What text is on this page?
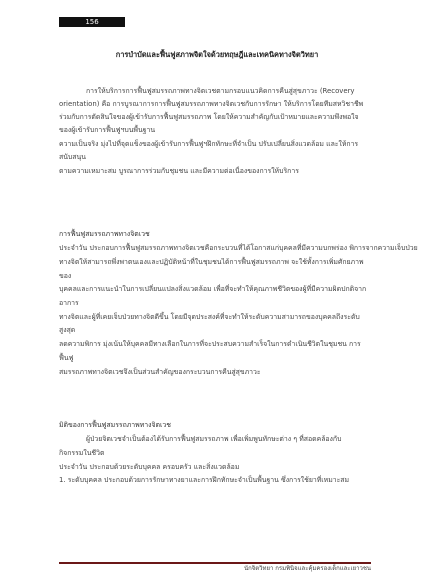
156
การบำบัดและฟื้นฟูสภาพจิตใจด้วยทฤษฎีและเทคนิคทางจิตวิทยา
การให้บริการการฟื้นฟูสมรรถภาพทางจิตเวชตามกรอบแนวคิดการคืนสู่สุขภาวะ (Recovery
orientation) คือ การบูรณาการการฟื้นฟูสมรรถภาพทางจิตเวชกับการรักษา ให้บริการโดยทีมสหวิชาชีพ
ร่วมกับการตัดสินใจของผู้เข้ารับการฟื้นฟูสมรรถภาพ โดยให้ความสำคัญกับเป้าหมายและความพึงพอใจ
ของผู้เข้ารับการฟื้นฟูฯบนพื้นฐาน
ความเป็นจริง มุ่งไปที่จุดแข็งของผู้เข้ารับการฟื้นฟูฯฝึกทักษะที่จำเป็น ปรับเปลี่ยนสิ่งแวดล้อม และให้การ
สนับสนุน
ตามความเหมาะสม บูรณาการร่วมกับชุมชน และมีความต่อเนื่องของการให้บริการ
การฟื้นฟูสมรรถภาพทางจิตเวช
ประจำวัน ประกอบการฟื้นฟูสมรรถภาพทางจิตเวชคือกระบวนที่ได้โอกาสแก่บุคคลที่มีความบกพร่อง พิการจากความเจ็บป่วย
ทางจิตให้สามารถพึ่งพาตนเองและปฏิบัติหน้าที่ในชุมชนได้การฟื้นฟูสมรรถภาพ จะใช้ทั้งการเพิ่มศักยภาพ
ของ
บุคคลและการแนะนำในการเปลี่ยนแปลงสิ่งแวดล้อม เพื่อที่จะทำให้คุณภาพชีวิตของผู้ที่มีความผิดปกติจาก
อาการ
ทางจิตและผู้ที่เคยเจ็บป่วยทางจิตดีขึ้น โดยมีจุดประสงค์ที่จะทำให้ระดับความสามารถของบุคคลถึงระดับ
สูงสุด
ลดความพิการ มุ่งเน้นให้บุคคลมีทางเลือกในการที่จะประสบความสำเร็จในการดำเนินชีวิตในชุมชน การ
ฟื้นฟู
สมรรถภาพทางจิตเวชจึงเป็นส่วนสำคัญของกระบวนการคืนสู่สุขภาวะ
มิติของการฟื้นฟูสมรรถภาพทางจิตเวช
ผู้ป่วยจิตเวชจำเป็นต้องได้รับการฟื้นฟูสมรรถภาพ เพื่อเพิ่มพูนทักษะต่าง ๆ ที่สอดคล้องกับ
กิจกรรมในชีวิต
ประจำวัน ประกอบด้วยระดับบุคคล ครอบครัว และสิ่งแวดล้อม
1. ระดับบุคคล ประกอบด้วยการรักษาทางยาและการฝึกทักษะจำเป็นพื้นฐาน ซึ่งการใช้ยาที่เหมาะสม
นักจิตวิทยา กรมพินิจและคุ้มครองเด็กและเยาวชน
